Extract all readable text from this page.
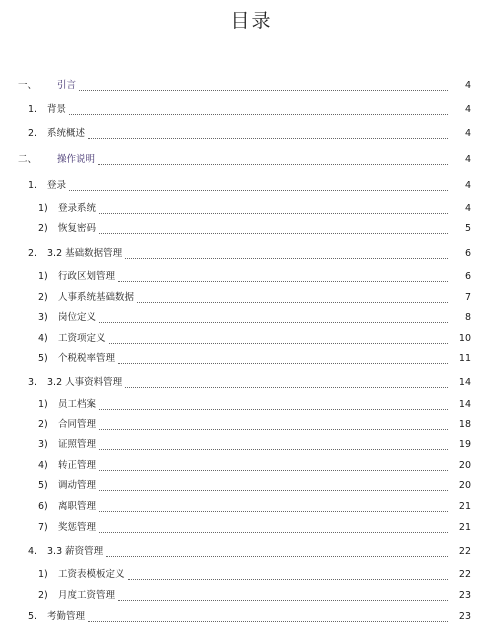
目录
一、 引言	4
1. 背景	4
2. 系统概述	4
二、 操作说明	4
1. 登录	4
1) 登录系统	4
2) 恢复密码	5
2. 3.2 基础数据管理	6
1) 行政区划管理	6
2) 人事系统基础数据	7
3) 岗位定义	8
4) 工资项定义	10
5) 个税税率管理	11
3. 3.2 人事资料管理	14
1) 员工档案	14
2) 合同管理	18
3) 证照管理	19
4) 转正管理	20
5) 调动管理	20
6) 离职管理	21
7) 奖惩管理	21
4. 3.3 薪资管理	22
1) 工资表模板定义	22
2) 月度工资管理	23
5. 考勤管理	23
